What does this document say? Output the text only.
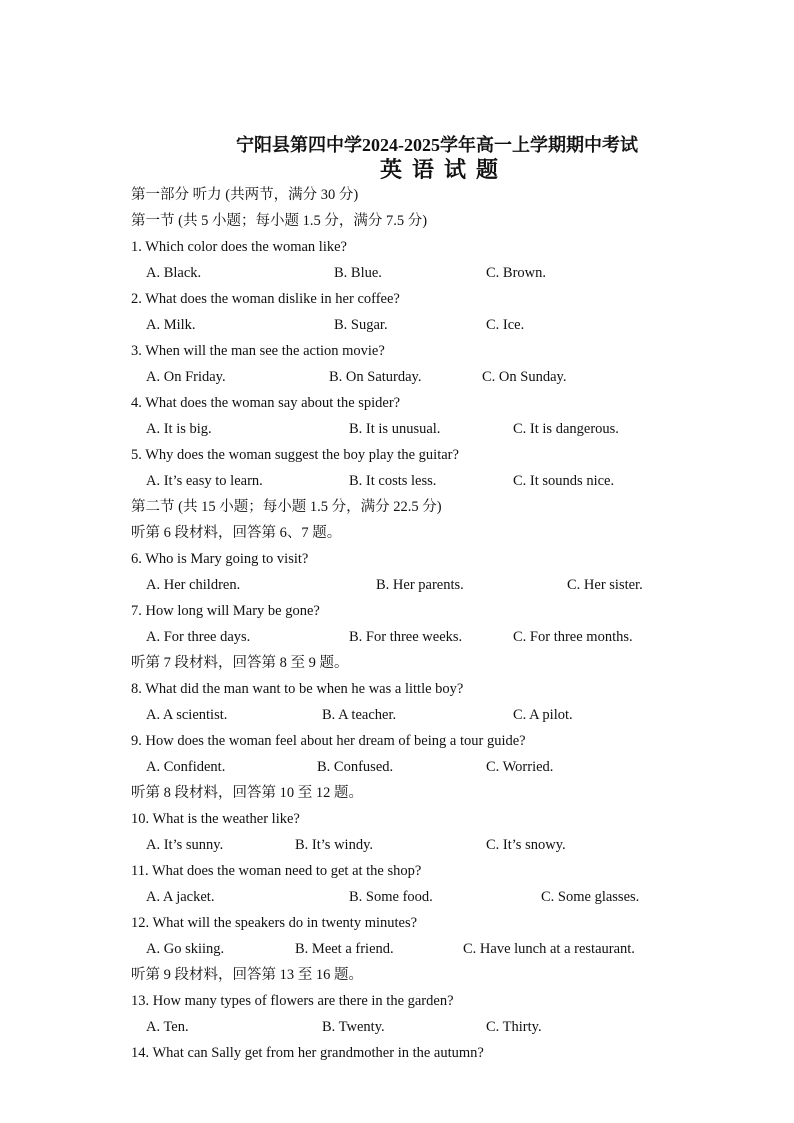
宁阳县第四中学2024-2025学年高一上学期期中考试
英语试题
第一部分 听力 (共两节，满分 30 分)
第一节 (共 5 小题；每小题 1.5 分，满分 7.5 分)
1. Which color does the woman like?
A. Black.	B. Blue.	C. Brown.
2. What does the woman dislike in her coffee?
A. Milk.	B. Sugar.	C. Ice.
3. When will the man see the action movie?
A. On Friday.	B. On Saturday.	C. On Sunday.
4. What does the woman say about the spider?
A. It is big.	B. It is unusual.	C. It is dangerous.
5. Why does the woman suggest the boy play the guitar?
A. It’s easy to learn.	B. It costs less.	C. It sounds nice.
第二节 (共 15 小题；每小题 1.5 分，满分 22.5 分)
听第 6 段材料，回答第 6、7 题。
6. Who is Mary going to visit?
A. Her children.	B. Her parents.	C. Her sister.
7. How long will Mary be gone?
A. For three days.	B. For three weeks.	C. For three months.
听第 7 段材料，回答第 8 至 9 题。
8. What did the man want to be when he was a little boy?
A. A scientist.	B. A teacher.	C. A pilot.
9. How does the woman feel about her dream of being a tour guide?
A. Confident.	B. Confused.	C. Worried.
听第 8 段材料，回答第 10 至 12 题。
10. What is the weather like?
A. It’s sunny.	B. It’s windy.	C. It’s snowy.
11. What does the woman need to get at the shop?
A. A jacket.	B. Some food.	C. Some glasses.
12. What will the speakers do in twenty minutes?
A. Go skiing.	B. Meet a friend.	C. Have lunch at a restaurant.
听第 9 段材料，回答第 13 至 16 题。
13. How many types of flowers are there in the garden?
A. Ten.	B. Twenty.	C. Thirty.
14. What can Sally get from her grandmother in the autumn?
